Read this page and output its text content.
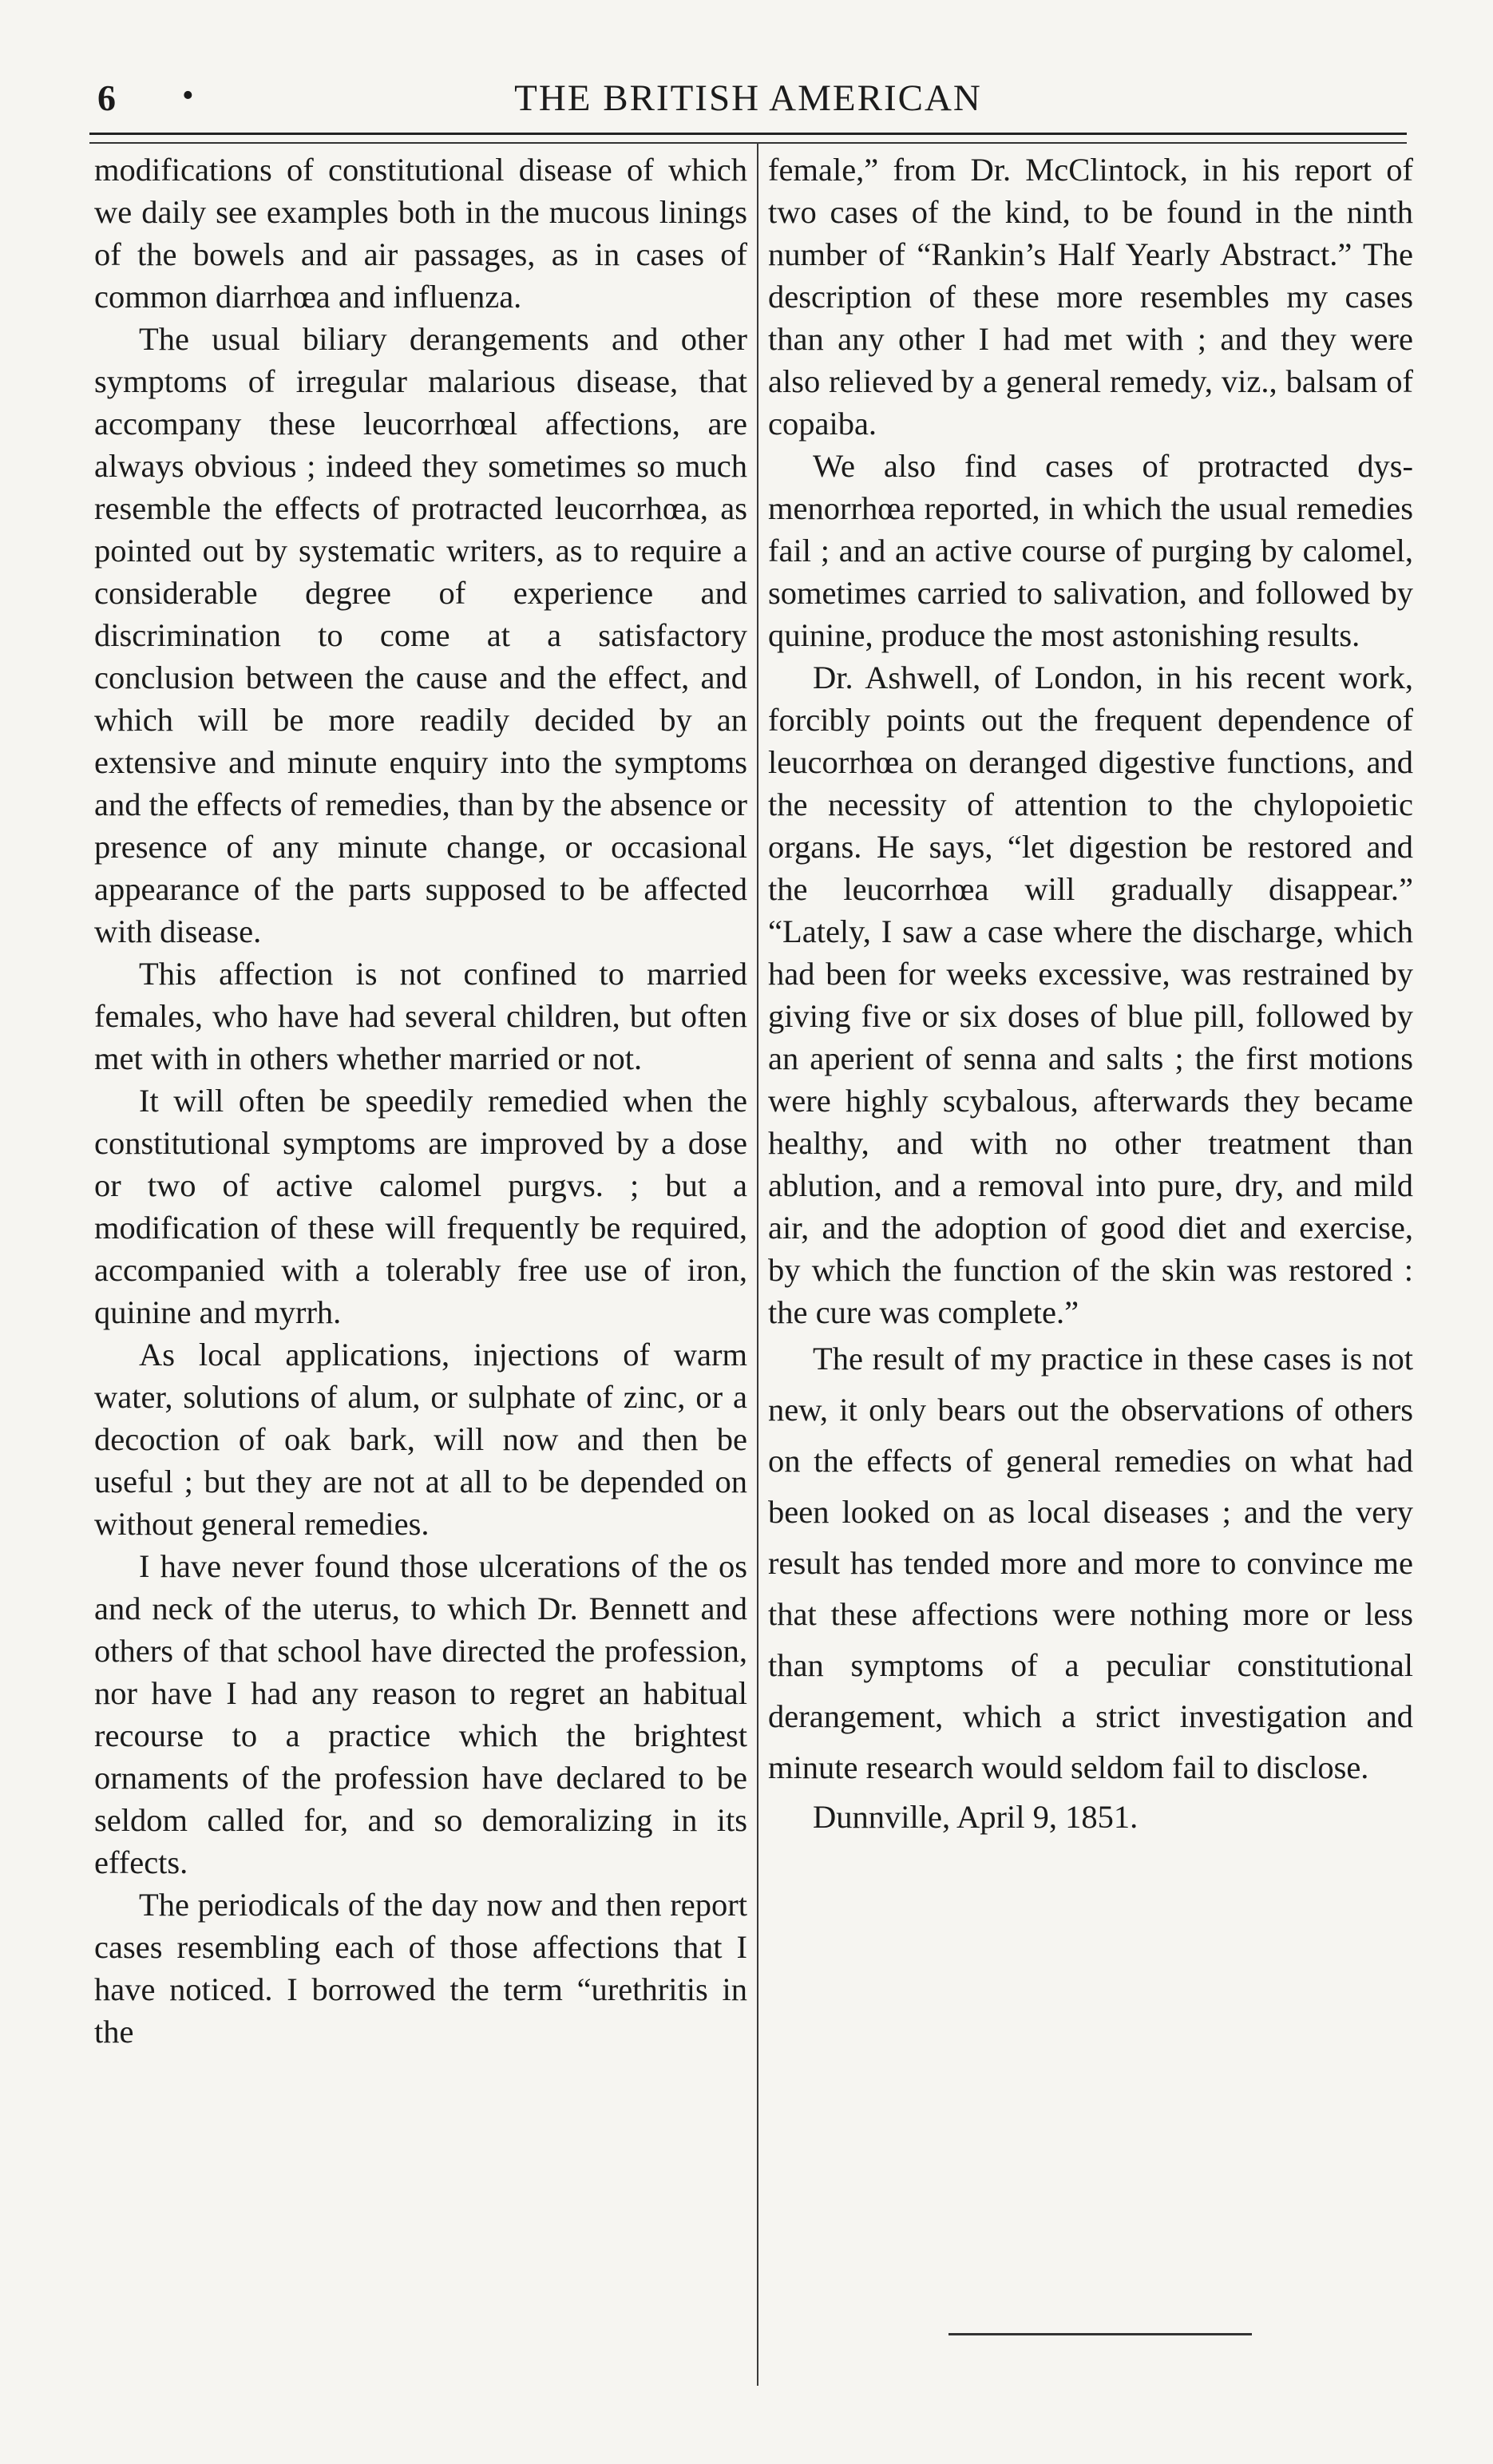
6 •	THE BRITISH AMERICAN

modifications of constitutional disease of which we daily see examples both in the mucous linings of the bowels and air passages, as in cases of common diarrhœa and influenza.

The usual biliary derangements and other symptoms of irregular malarious disease, that accompany these leucorrhœal affections, are always obvious ; indeed they sometimes so much resemble the effects of protracted leucorrhœa, as pointed out by systematic writers, as to require a considerable degree of experience and discrimination to come at a satisfactory conclusion between the cause and the effect, and which will be more readily decided by an extensive and minute enquiry into the symptoms and the effects of remedies, than by the absence or presence of any minute change, or occasional appearance of the parts supposed to be affected with disease.

This affection is not confined to married females, who have had several children, but often met with in others whether married or not.

It will often be speedily remedied when the constitutional symptoms are improved by a dose or two of active calomel purgvs. ; but a modification of these will frequently be required, accompanied with a tolerably free use of iron, quinine and myrrh.

As local applications, injections of warm water, solutions of alum, or sulphate of zinc, or a decoction of oak bark, will now and then be useful ; but they are not at all to be depended on without general remedies.

I have never found those ulcerations of the os and neck of the uterus, to which Dr. Bennett and others of that school have directed the profession, nor have I had any reason to regret an habitual recourse to a practice which the brightest ornaments of the profession have declared to be seldom called for, and so demoralizing in its effects.

The periodicals of the day now and then report cases resembling each of those affections that I have noticed. I borrowed the term “urethritis in the

female,” from Dr. McClintock, in his report of two cases of the kind, to be found in the ninth number of “Rankin’s Half Yearly Abstract.” The description of these more resembles my cases than any other I had met with ; and they were also relieved by a general remedy, viz., balsam of copaiba.

We also find cases of protracted dysmenorrhœa reported, in which the usual remedies fail ; and an active course of purging by calomel, sometimes carried to salivation, and followed by quinine, produce the most astonishing results.

Dr. Ashwell, of London, in his recent work, forcibly points out the frequent dependence of leucorrhœa on deranged digestive functions, and the necessity of attention to the chylopoietic organs. He says, “let digestion be restored and the leucorrhœa will gradually disappear.” “Lately, I saw a case where the discharge, which had been for weeks excessive, was restrained by giving five or six doses of blue pill, followed by an aperient of senna and salts ; the first motions were highly scybalous, afterwards they became healthy, and with no other treatment than ablution, and a removal into pure, dry, and mild air, and the adoption of good diet and exercise, by which the function of the skin was restored : the cure was complete.”

The result of my practice in these cases is not new, it only bears out the observations of others on the effects of general remedies on what had been looked on as local diseases ; and the very result has tended more and more to convince me that these affections were nothing more or less than symptoms of a peculiar constitutional derangement, which a strict investigation and minute research would seldom fail to disclose.

Dunnville, April 9, 1851.
